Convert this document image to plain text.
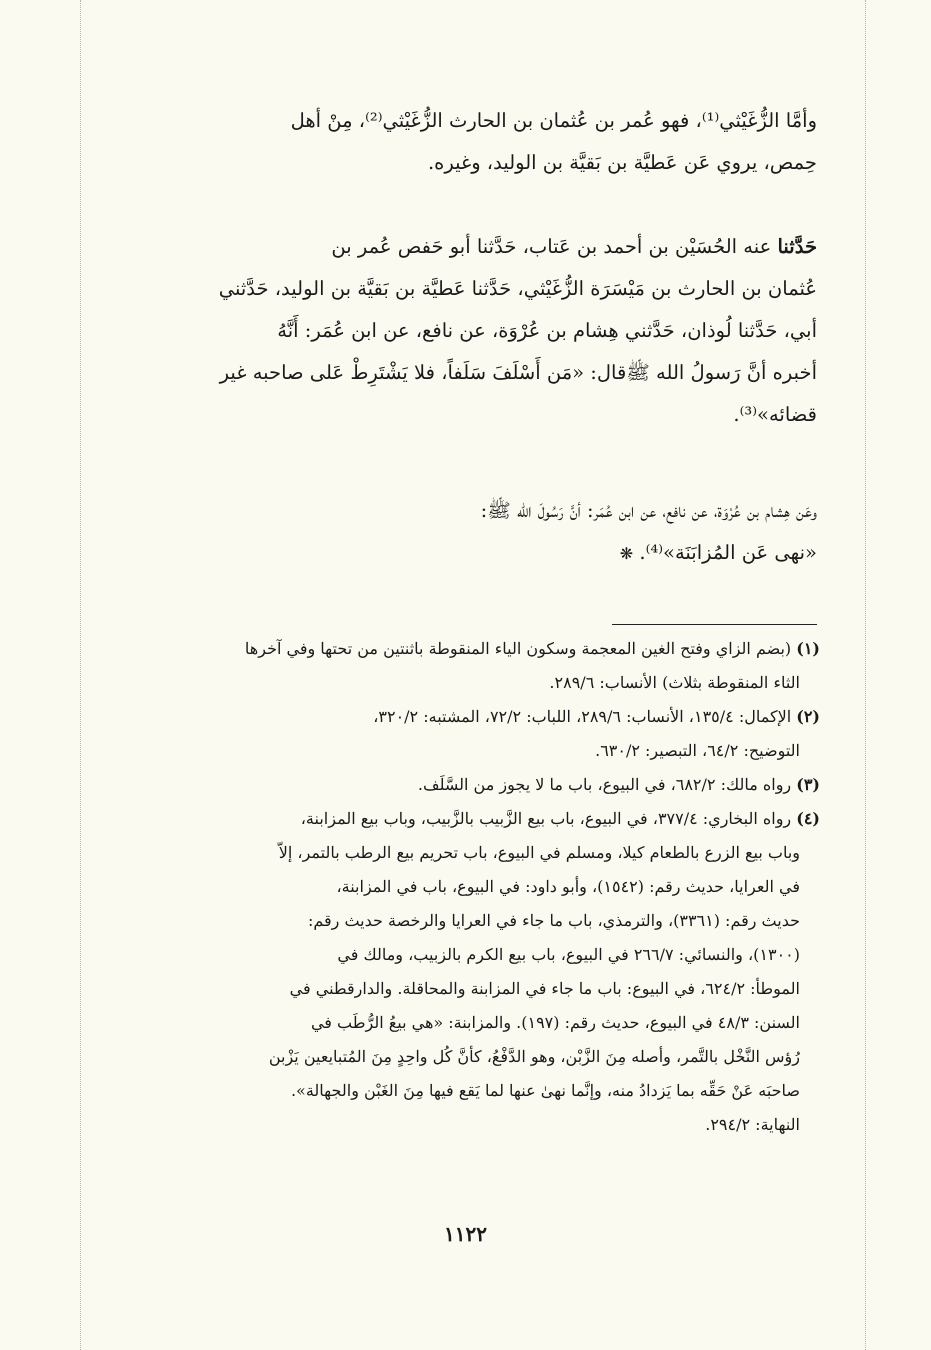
وأمَّا الزُّغَيْثي⁽¹⁾، فهو عُمر بن عُثمان بن الحارث الزُّغَيْثي⁽²⁾، مِنْ أهل

حِمص، يروي عَن عَطيَّة بن بَقيَّة بن الوليد، وغيره.

حَدَّثنا عنه الحُسَيْن بن أحمد بن عَتاب، حَدَّثنا أبو حَفص عُمر بن

عُثمان بن الحارث بن مَيْسَرَة الزُّغَيْثي، حَدَّثنا عَطيَّة بن بَقيَّة بن الوليد، حَدَّثني

أبي، حَدَّثنا لُوذان، حَدَّثني هِشام بن عُرْوَة، عن نافع، عن ابن عُمَر: أَنَّهُ

أخبره أنَّ رَسولُ الله ﷺقال: «مَن أَسْلَفَ سَلَفاً، فلا يَشْتَرِطْ عَلى صاحبه غير

قضائه»⁽³⁾.

وعَن هِشام بن عُرْوَة، عن نافع، عن ابن عُمَر: أنَّ رَسُولَ الله ﷺ:

«نهى عَن المُزابَنَة»⁽⁴⁾. ❋

(١) (بضم الزاي وفتح الغين المعجمة وسكون الياء المنقوطة باثنتين من تحتها وفي آخرها
الثاء المنقوطة بثلاث) الأنساب: ٢٨٩/٦.
(٢) الإكمال: ١٣٥/٤، الأنساب: ٢٨٩/٦، اللباب: ٧٢/٢، المشتبه: ٣٢٠/٢،
التوضيح: ٦٤/٢، التبصير: ٦٣٠/٢.
(٣) رواه مالك: ٦٨٢/٢، في البيوع، باب ما لا يجوز من السَّلَف.
(٤) رواه البخاري: ٣٧٧/٤، في البيوع، باب بيع الزَّبيب بالزَّبيب، وباب بيع المزابنة،
وباب بيع الزرع بالطعام كيلا، ومسلم في البيوع، باب تحريم بيع الرطب بالتمر، إلاّ
في العرايا، حديث رقم: (١٥٤٢)، وأبو داود: في البيوع، باب في المزابنة،
حديث رقم: (٣٣٦١)، والترمذي، باب ما جاء في العرايا والرخصة حديث رقم:
(١٣٠٠)، والنسائي: ٢٦٦/٧ في البيوع، باب بيع الكرم بالزبيب، ومالك في
الموطأ: ٦٢٤/٢، في البيوع: باب ما جاء في المزابنة والمحاقلة. والدارقطني في
السنن: ٤٨/٣ في البيوع، حديث رقم: (١٩٧). والمزابنة: «هي بيعُ الرُّطَب في
رُؤس النَّخْل بالتَّمر، وأصله مِنَ الزَّبْن، وهو الدَّفْعُ، كأنَّ كُل واحِدٍ مِنَ المُتبايعين يَزْبن
صاحبَه عَنْ حَقِّه بما يَزدادُ منه، وإنَّما نهىٰ عنها لما يَقع فيها مِنَ الغَبْن والجهالة».
النهاية: ٢٩٤/٢.
١١٢٢
